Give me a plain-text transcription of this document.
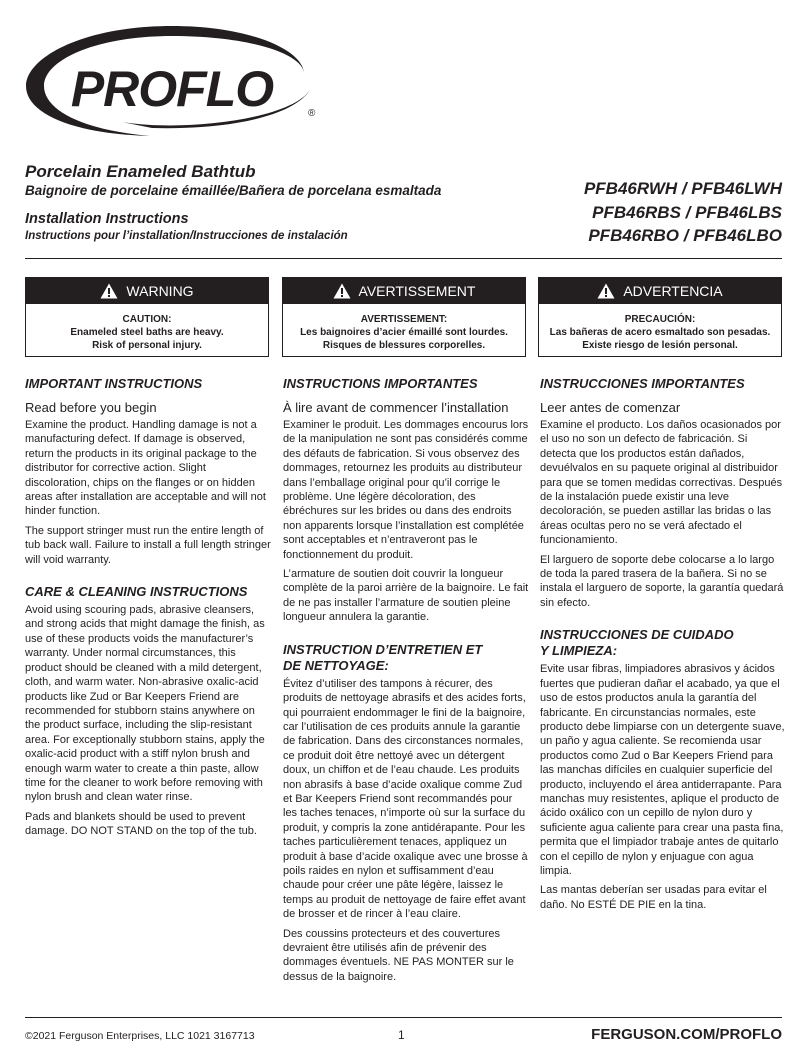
PROFLO	®
Porcelain Enameled Bathtub
Baignoire de porcelaine émaillée/Bañera de porcelana esmaltada
Installation Instructions
Instructions pour l’installation/Instrucciones de instalación
PFB46RWH / PFB46LWH
PFB46RBS / PFB46LBS
PFB46RBO / PFB46LBO
WARNING
CAUTION:
Enameled steel baths are heavy.
Risk of personal injury.
AVERTISSEMENT
AVERTISSEMENT:
Les baignoires d’acier émaillé sont lourdes.
Risques de blessures corporelles.
ADVERTENCIA
PRECAUCIÓN:
Las bañeras de acero esmaltado son pesadas.
Existe riesgo de lesión personal.
IMPORTANT INSTRUCTIONS
Read before you begin

Examine the product. Handling damage is not a manufacturing defect. If damage is observed, return the products in its original package to the distributor for corrective action. Slight discoloration, chips on the flanges or on hidden areas after installation are acceptable and will not hinder function.

The support stringer must run the entire length of tub back wall. Failure to install a full length stringer will void warranty.

CARE & CLEANING INSTRUCTIONS

Avoid using scouring pads, abrasive cleansers, and strong acids that might damage the finish, as use of these products voids the manufacturer’s warranty. Under normal circumstances, this product should be cleaned with a mild detergent, cloth, and warm water. Non-abrasive oxalic-acid products like Zud or Bar Keepers Friend are recommended for stubborn stains anywhere on the product surface, including the slip-resistant area. For exceptionally stubborn stains, apply the oxalic-acid product with a stiff nylon brush and enough warm water to create a thin paste, allow time for the cleaner to work before removing with nylon brush and clean water rinse.

Pads and blankets should be used to prevent damage. DO NOT STAND on the top of the tub.

INSTRUCTIONS IMPORTANTES
À lire avant de commencer l’installation

Examiner le produit. Les dommages encourus lors de la manipulation ne sont pas considérés comme des défauts de fabrication. Si vous observez des dommages, retournez les produits au distributeur dans l’emballage original pour qu’il corrige le problème. Une légère décoloration, des ébréchures sur les brides ou dans des endroits non apparents lorsque l’installation est complétée sont acceptables et n’entraveront pas le fonctionnement du produit.

L’armature de soutien doit couvrir la longueur complète de la paroi arrière de la baignoire. Le fait de ne pas installer l’armature de soutien pleine longueur annulera la garantie.

INSTRUCTION D’ENTRETIEN ET
DE NETTOYAGE:

Évitez d’utiliser des tampons à récurer, des produits de nettoyage abrasifs et des acides forts, qui pourraient endommager le fini de la baignoire, car l’utilisation de ces produits annule la garantie de fabrication. Dans des circonstances normales, ce produit doit être nettoyé avec un détergent doux, un chiffon et de l’eau chaude. Les produits non abrasifs à base d’acide oxalique comme Zud et Bar Keepers Friend sont recommandés pour les taches tenaces, n’importe où sur la surface du produit, y compris la zone antidérapante. Pour les taches particulièrement tenaces, appliquez un produit à base d’acide oxalique avec une brosse à poils raides en nylon et suffisamment d’eau chaude pour créer une pâte légère, laissez le temps au produit de nettoyage de faire effet avant de brosser et de rincer à l’eau claire.

Des coussins protecteurs et des couvertures devraient être utilisés afin de prévenir des dommages éventuels. NE PAS MONTER sur le dessus de la baignoire.

INSTRUCCIONES IMPORTANTES
Leer antes de comenzar

Examine el producto. Los daños ocasionados por el uso no son un defecto de fabricación. Si detecta que los productos están dañados, devuélvalos en su paquete original al distribuidor para que se tomen medidas correctivas. Después de la instalación puede existir una leve decoloración, se pueden astillar las bridas o las áreas ocultas pero no se verá afectado el funcionamiento.

El larguero de soporte debe colocarse a lo largo de toda la pared trasera de la bañera. Si no se instala el larguero de soporte, la garantía quedará sin efecto.

INSTRUCCIONES DE CUIDADO
Y LIMPIEZA:

Evite usar fibras, limpiadores abrasivos y ácidos fuertes que pudieran dañar el acabado, ya que el uso de estos productos anula la garantía del fabricante. En circunstancias normales, este producto debe limpiarse con un detergente suave, un paño y agua caliente. Se recomienda usar productos como Zud o Bar Keepers Friend para las manchas difíciles en cualquier superficie del producto, incluyendo el área antiderrapante. Para manchas muy resistentes, aplique el producto de ácido oxálico con un cepillo de nylon duro y suficiente agua caliente para crear una pasta fina, permita que el limpiador trabaje antes de quitarlo con el cepillo de nylon y enjuague con agua limpia.

Las mantas deberían ser usadas para evitar el daño. No ESTÉ DE PIE en la tina.

©2021 Ferguson Enterprises, LLC 1021 3167713	1	FERGUSON.COM/PROFLO
